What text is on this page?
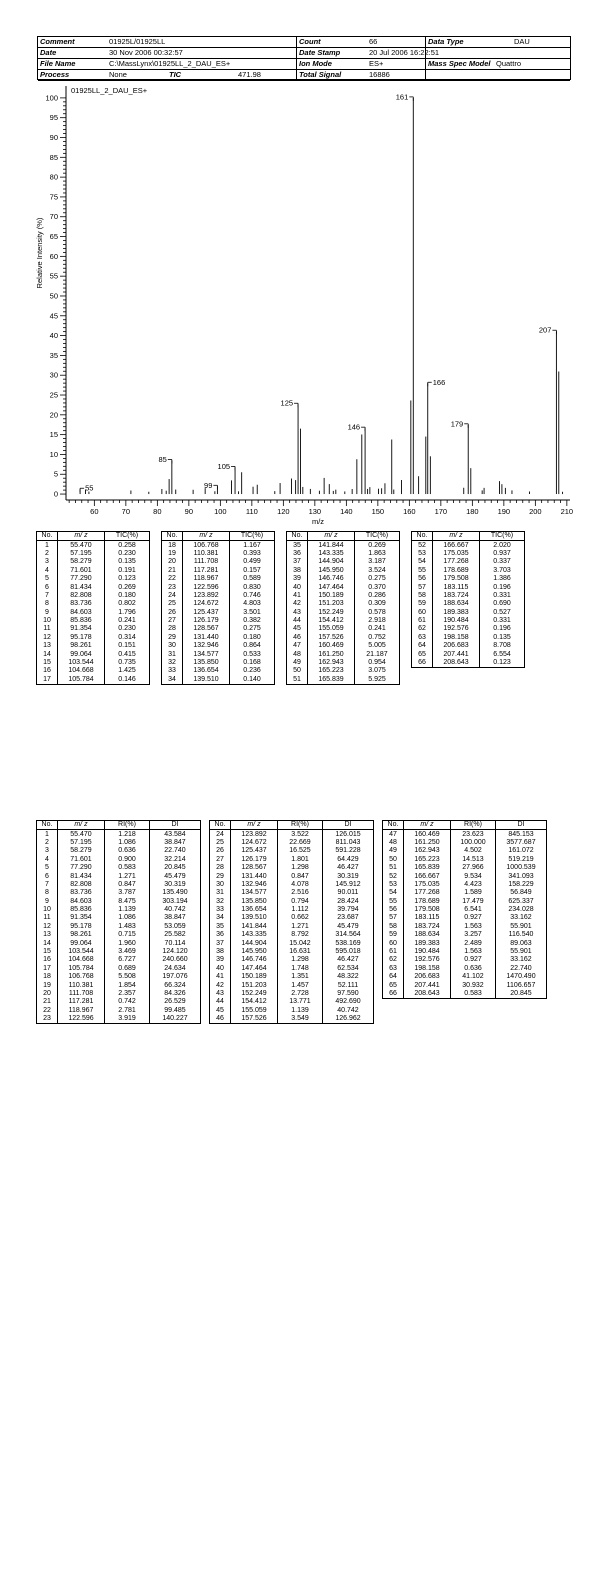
Comment	01925L/01925LL	Count	66	Data Type	DAU
Date	30 Nov 2006 00:32:57	Date Stamp	20 Jul 2006 16:22:51
File Name	C:\MassLynx\01925LL_2_DAU_ES+	Ion Mode	ES+	Mass Spec Model Quattro
Process	None	TIC	471.98	Total Signal	16886
0
5
10
15
20
25
30
35
40
45
50
55
60
65
70
75
80
85
90
95
100
60	70	80	90	100	110	120	130	140	150	160	170	180	190	200	210
m/z
Relative Intensity (%)
01925LL_2_DAU_ES+
55
85
99
105
125
146
161
166
179
207
No.	m/ z	TIC(%)
1	55.470	0.258
2	57.195	0.230
3	58.279	0.135
4	71.601	0.191
5	77.290	0.123
6	81.434	0.269
7	82.808	0.180
8	83.736	0.802
9	84.603	1.796
10	85.836	0.241
11	91.354	0.230
12	95.178	0.314
13	98.261	0.151
14	99.064	0.415
15	103.544	0.735
16	104.668	1.425
17	105.784	0.146
No.	m/ z	TIC(%)
18	106.768	1.167
19	110.381	0.393
20	111.708	0.499
21	117.281	0.157
22	118.967	0.589
23	122.596	0.830
24	123.892	0.746
25	124.672	4.803
26	125.437	3.501
27	126.179	0.382
28	128.567	0.275
29	131.440	0.180
30	132.946	0.864
31	134.577	0.533
32	135.850	0.168
33	136.654	0.236
34	139.510	0.140
No.	m/ z	TIC(%)
35	141.844	0.269
36	143.335	1.863
37	144.904	3.187
38	145.950	3.524
39	146.746	0.275
40	147.464	0.370
41	150.189	0.286
42	151.203	0.309
43	152.249	0.578
44	154.412	2.918
45	155.059	0.241
46	157.526	0.752
47	160.469	5.005
48	161.250	21.187
49	162.943	0.954
50	165.223	3.075
51	165.839	5.925
No.	m/ z	TIC(%)
52	166.667	2.020
53	175.035	0.937
54	177.268	0.337
55	178.689	3.703
56	179.508	1.386
57	183.115	0.196
58	183.724	0.331
59	188.634	0.690
60	189.383	0.527
61	190.484	0.331
62	192.576	0.196
63	198.158	0.135
64	206.683	8.708
65	207.441	6.554
66	208.643	0.123
No.	m/ z	RI(%)	DI
1	55.470	1.218	43.584
2	57.195	1.086	38.847
3	58.279	0.636	22.740
4	71.601	0.900	32.214
5	77.290	0.583	20.845
6	81.434	1.271	45.479
7	82.808	0.847	30.319
8	83.736	3.787	135.490
9	84.603	8.475	303.194
10	85.836	1.139	40.742
11	91.354	1.086	38.847
12	95.178	1.483	53.059
13	98.261	0.715	25.582
14	99.064	1.960	70.114
15	103.544	3.469	124.120
16	104.668	6.727	240.660
17	105.784	0.689	24.634
18	106.768	5.508	197.076
19	110.381	1.854	66.324
20	111.708	2.357	84.326
21	117.281	0.742	26.529
22	118.967	2.781	99.485
23	122.596	3.919	140.227
No.	m/ z	RI(%)	DI
24	123.892	3.522	126.015
25	124.672	22.669	811.043
26	125.437	16.525	591.228
27	126.179	1.801	64.429
28	128.567	1.298	46.427
29	131.440	0.847	30.319
30	132.946	4.078	145.912
31	134.577	2.516	90.011
32	135.850	0.794	28.424
33	136.654	1.112	39.794
34	139.510	0.662	23.687
35	141.844	1.271	45.479
36	143.335	8.792	314.564
37	144.904	15.042	538.169
38	145.950	16.631	595.018
39	146.746	1.298	46.427
40	147.464	1.748	62.534
41	150.189	1.351	48.322
42	151.203	1.457	52.111
43	152.249	2.728	97.590
44	154.412	13.771	492.690
45	155.059	1.139	40.742
46	157.526	3.549	126.962
No.	m/ z	RI(%)	DI
47	160.469	23.623	845.153
48	161.250	100.000	3577.687
49	162.943	4.502	161.072
50	165.223	14.513	519.219
51	165.839	27.966	1000.539
52	166.667	9.534	341.093
53	175.035	4.423	158.229
54	177.268	1.589	56.849
55	178.689	17.479	625.337
56	179.508	6.541	234.028
57	183.115	0.927	33.162
58	183.724	1.563	55.901
59	188.634	3.257	116.540
60	189.383	2.489	89.063
61	190.484	1.563	55.901
62	192.576	0.927	33.162
63	198.158	0.636	22.740
64	206.683	41.102	1470.490
65	207.441	30.932	1106.657
66	208.643	0.583	20.845
